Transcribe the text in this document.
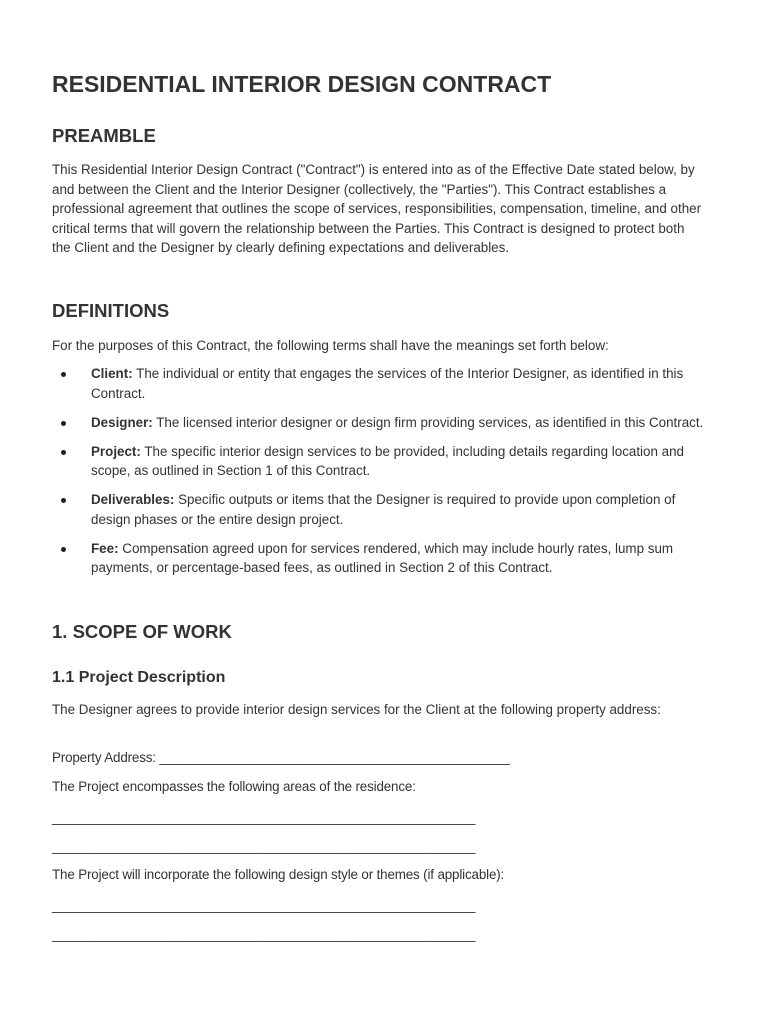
RESIDENTIAL INTERIOR DESIGN CONTRACT
PREAMBLE

This Residential Interior Design Contract ("Contract") is entered into as of the Effective Date stated below, by and between the Client and the Interior Designer (collectively, the "Parties"). This Contract establishes a professional agreement that outlines the scope of services, responsibilities, compensation, timeline, and other critical terms that will govern the relationship between the Parties. This Contract is designed to protect both the Client and the Designer by clearly defining expectations and deliverables.

DEFINITIONS

For the purposes of this Contract, the following terms shall have the meanings set forth below:

Client: The individual or entity that engages the services of the Interior Designer, as identified in this Contract.
Designer: The licensed interior designer or design firm providing services, as identified in this Contract.
Project: The specific interior design services to be provided, including details regarding location and scope, as outlined in Section 1 of this Contract.
Deliverables: Specific outputs or items that the Designer is required to provide upon completion of design phases or the entire design project.
Fee: Compensation agreed upon for services rendered, which may include hourly rates, lump sum payments, or percentage-based fees, as outlined in Section 2 of this Contract.
1. SCOPE OF WORK
1.1 Project Description

The Designer agrees to provide interior design services for the Client at the following property address:

Property Address: ________________________________________________
The Project encompasses the following areas of the residence:
__________________________________________________________
__________________________________________________________
The Project will incorporate the following design style or themes (if applicable):
__________________________________________________________
__________________________________________________________
